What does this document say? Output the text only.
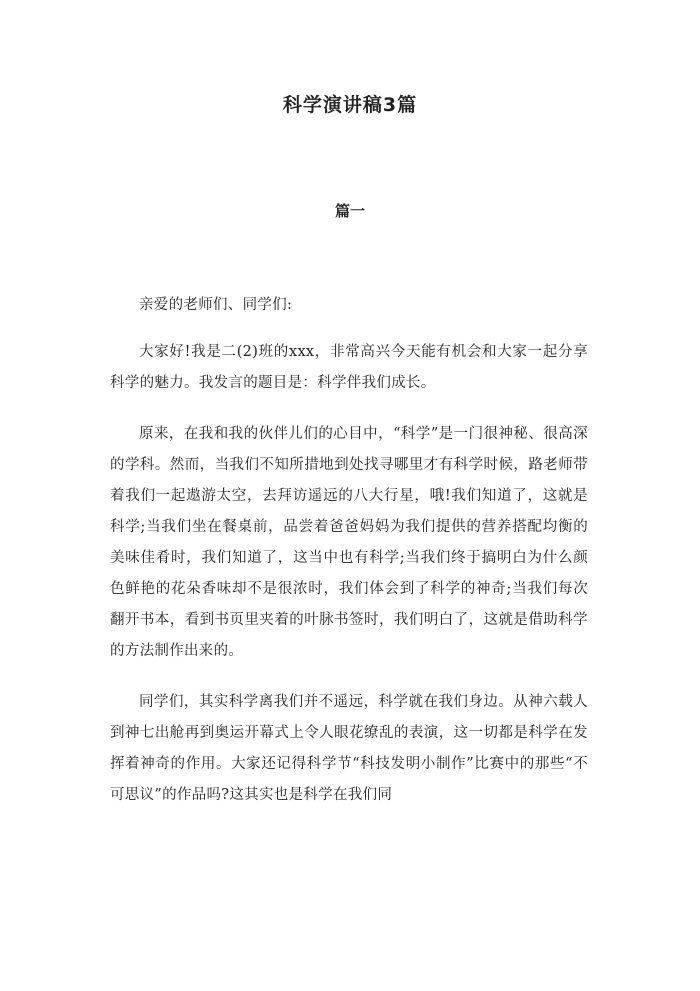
科学演讲稿3篇
篇一

亲爱的老师们、同学们:

大家好!我是二(2)班的xxx，非常高兴今天能有机会和大家一起分享科学的魅力。我发言的题目是：科学伴我们成长。

原来，在我和我的伙伴儿们的心目中，“科学”是一门很神秘、很高深的学科。然而，当我们不知所措地到处找寻哪里才有科学时候，路老师带着我们一起遨游太空，去拜访遥远的八大行星，哦!我们知道了，这就是科学;当我们坐在餐桌前，品尝着爸爸妈妈为我们提供的营养搭配均衡的美味佳肴时，我们知道了，这当中也有科学;当我们终于搞明白为什么颜色鲜艳的花朵香味却不是很浓时，我们体会到了科学的神奇;当我们每次翻开书本，看到书页里夹着的叶脉书签时，我们明白了，这就是借助科学的方法制作出来的。

同学们，其实科学离我们并不遥远，科学就在我们身边。从神六载人到神七出舱再到奥运开幕式上令人眼花缭乱的表演，这一切都是科学在发挥着神奇的作用。大家还记得科学节“科技发明小制作”比赛中的那些“不可思议”的作品吗?这其实也是科学在我们同
